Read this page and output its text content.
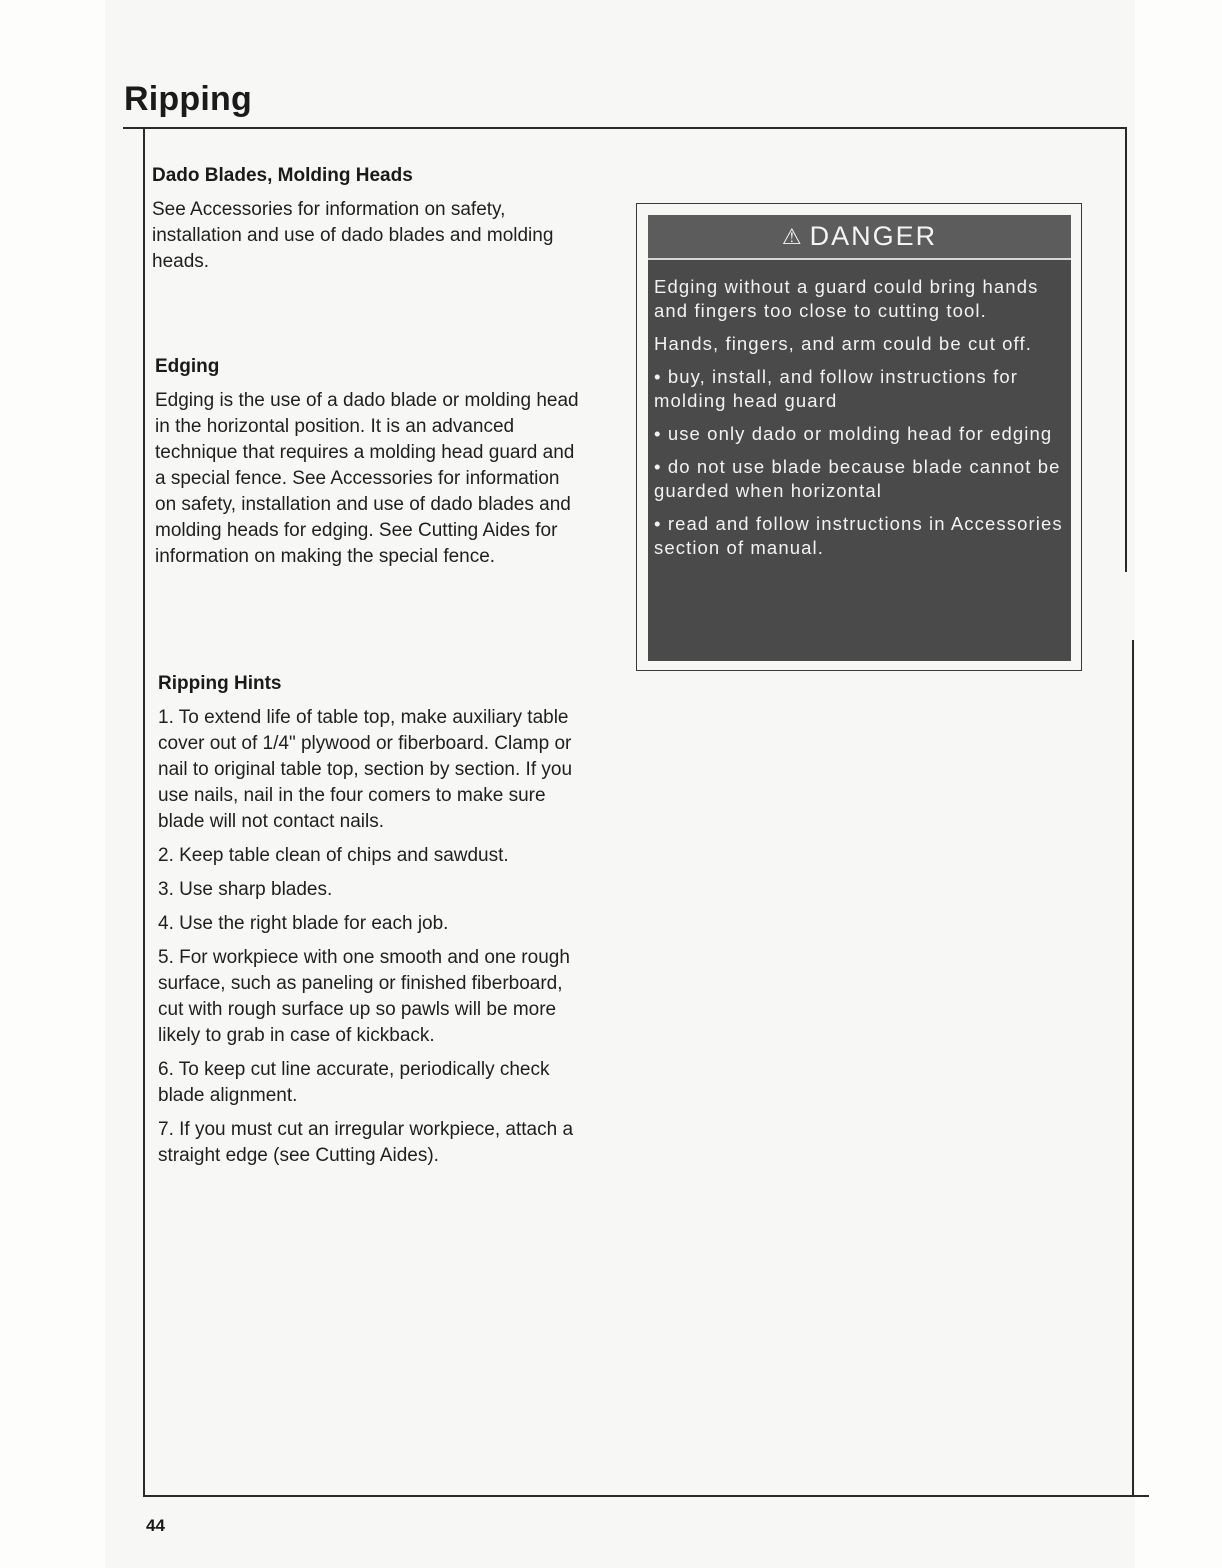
Ripping
Dado Blades, Molding Heads

See Accessories for information on safety, installation and use of dado blades and molding heads.

Edging

Edging is the use of a dado blade or molding head in the horizontal position. It is an advanced technique that requires a molding head guard and a special fence. See Accessories for information on safety, installation and use of dado blades and molding heads for edging. See Cutting Aides for information on making the special fence.

Ripping Hints

1. To extend life of table top, make auxiliary table cover out of 1/4" plywood or fiberboard. Clamp or nail to original table top, section by section. If you use nails, nail in the four comers to make sure blade will not contact nails.

2. Keep table clean of chips and sawdust.

3. Use sharp blades.

4. Use the right blade for each job.

5. For workpiece with one smooth and one rough surface, such as paneling or finished fiberboard, cut with rough surface up so pawls will be more likely to grab in case of kickback.

6. To keep cut line accurate, periodically check blade alignment.

7. If you must cut an irregular workpiece, attach a straight edge (see Cutting Aides).

⚠ DANGER

Edging without a guard could bring hands and fingers too close to cutting tool.

Hands, fingers, and arm could be cut off.

• buy, install, and follow instructions for molding head guard

• use only dado or molding head for edging

• do not use blade because blade cannot be guarded when horizontal

• read and follow instructions in Accessories section of manual.

44
